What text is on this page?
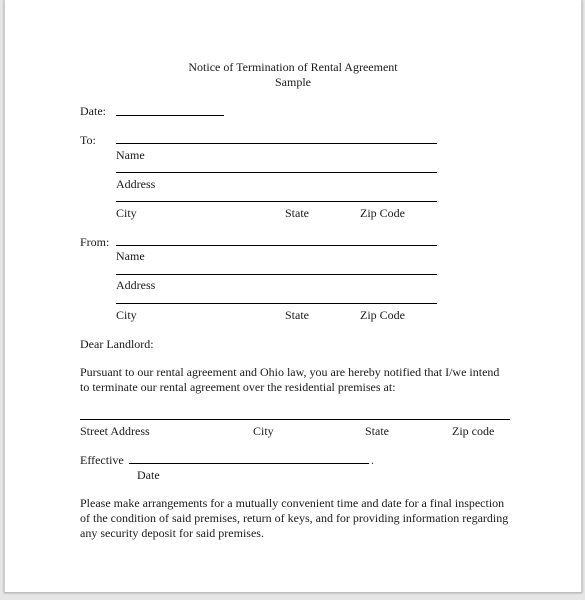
Notice of Termination of Rental Agreement
Sample
Date:
To:
Name
Address
City	State	Zip Code
From:
Name
Address
City	State	Zip Code
Dear Landlord:
Pursuant to our rental agreement and Ohio law, you are hereby notified that I/we intend
to terminate our rental agreement over the residential premises at:
Street Address	City	State	Zip code
Effective	.
Date
Please make arrangements for a mutually convenient time and date for a final inspection
of the condition of said premises, return of keys, and for providing information regarding
any security deposit for said premises.
